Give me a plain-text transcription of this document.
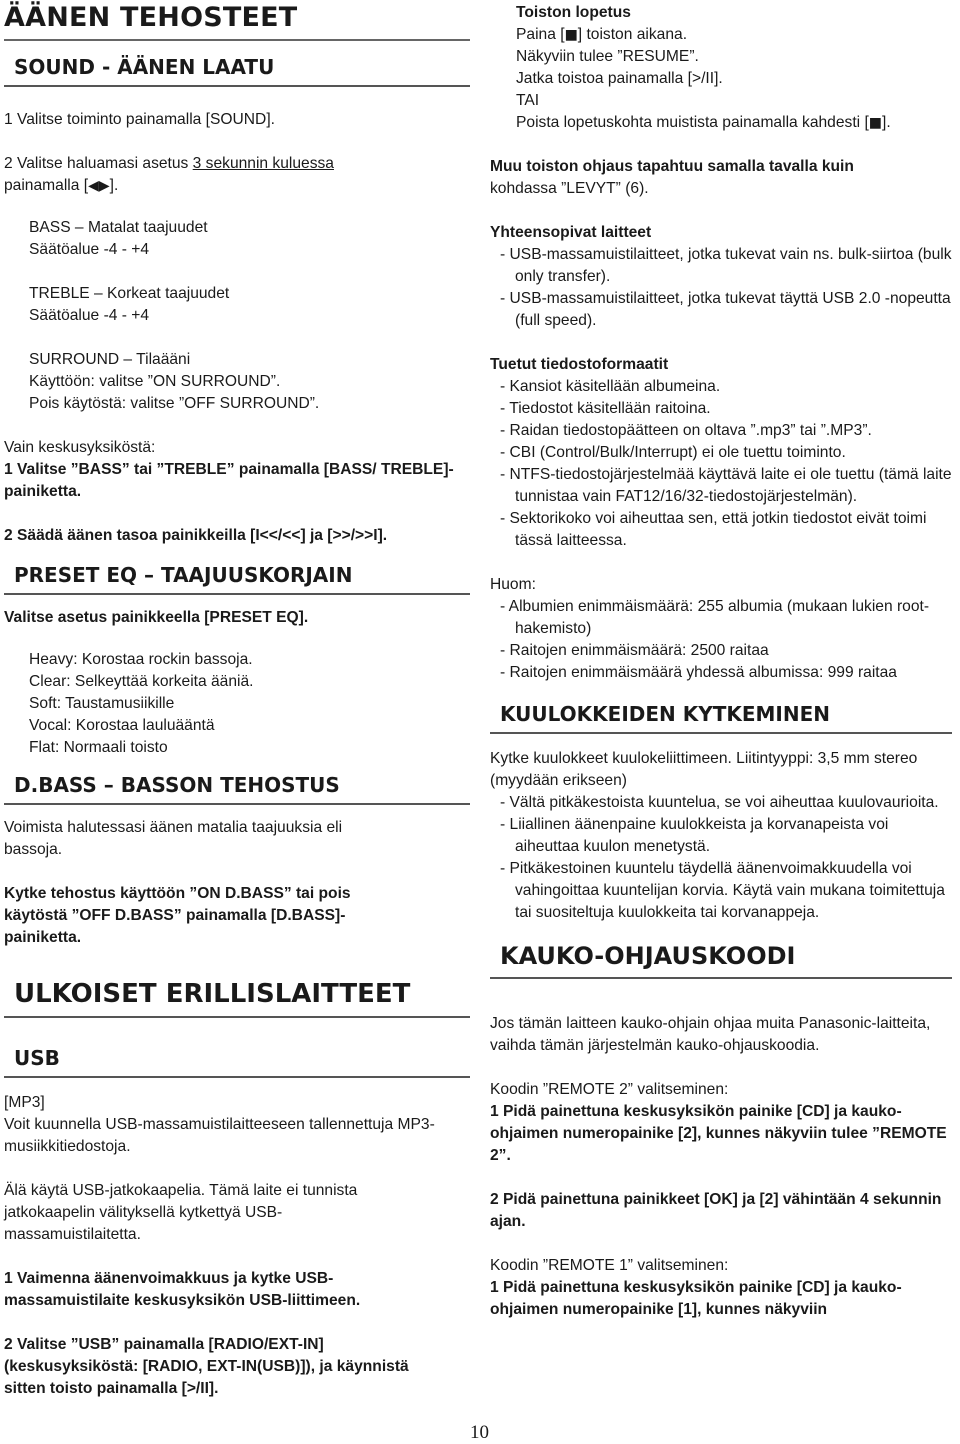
ÄÄNEN TEHOSTEET
SOUND - ÄÄNEN LAATU

1 Valitse toiminto painamalla [SOUND].

2 Valitse haluamasi asetus 3 sekunnin kuluessa
painamalla [◀▶].

BASS – Matalat taajuudet

Säätöalue -4 - +4

TREBLE – Korkeat taajuudet

Säätöalue -4 - +4

SURROUND – Tilaääni

Käyttöön: valitse ”ON SURROUND”.

Pois käytöstä: valitse ”OFF SURROUND”.

Vain keskusyksiköstä:

1 Valitse ”BASS” tai ”TREBLE” painamalla [BASS/ TREBLE]-painiketta.

2 Säädä äänen tasoa painikkeilla [I<</<<] ja [>>/>>I].

PRESET EQ – TAAJUUSKORJAIN

Valitse asetus painikkeella [PRESET EQ].

Heavy: Korostaa rockin bassoja.

Clear: Selkeyttää korkeita ääniä.

Soft: Taustamusiikille

Vocal: Korostaa lauluääntä

Flat: Normaali toisto

D.BASS – BASSON TEHOSTUS

Voimista halutessasi äänen matalia taajuuksia eli bassoja.

Kytke tehostus käyttöön ”ON D.BASS” tai pois käytöstä ”OFF D.BASS” painamalla [D.BASS]-painiketta.

ULKOISET ERILLISLAITTEET
USB

[MP3]

Voit kuunnella USB-massamuistilaitteeseen tallennettuja MP3-musiikkitiedostoja.

Älä käytä USB-jatkokaapelia. Tämä laite ei tunnista jatkokaapelin välityksellä kytkettyä USB-massamuistilaitetta.

1 Vaimenna äänenvoimakkuus ja kytke USB-massamuistilaite keskusyksikön USB-liittimeen.

2 Valitse ”USB” painamalla [RADIO/EXT-IN] (keskusyksiköstä: [RADIO, EXT-IN(USB)]), ja käynnistä sitten toisto painamalla [>/II].

Toiston lopetus

Paina [■] toiston aikana.

Näkyviin tulee ”RESUME”.

Jatka toistoa painamalla [>/II].

TAI

Poista lopetuskohta muistista painamalla kahdesti [■].

Muu toiston ohjaus tapahtuu samalla tavalla kuin

kohdassa ”LEVYT” (6).

Yhteensopivat laitteet

- USB-massamuistilaitteet, jotka tukevat vain ns. bulk-siirtoa (bulk only transfer).

- USB-massamuistilaitteet, jotka tukevat täyttä USB 2.0 -nopeutta (full speed).

Tuetut tiedostoformaatit

- Kansiot käsitellään albumeina.

- Tiedostot käsitellään raitoina.

- Raidan tiedostopäätteen on oltava ”.mp3” tai ”.MP3”.

- CBI (Control/Bulk/Interrupt) ei ole tuettu toiminto.

- NTFS-tiedostojärjestelmää käyttävä laite ei ole tuettu (tämä laite tunnistaa vain FAT12/16/32-tiedostojärjestelmän).

- Sektorikoko voi aiheuttaa sen, että jotkin tiedostot eivät toimi tässä laitteessa.

Huom:

- Albumien enimmäismäärä: 255 albumia (mukaan lukien root-hakemisto)

- Raitojen enimmäismäärä: 2500 raitaa

- Raitojen enimmäismäärä yhdessä albumissa: 999 raitaa

KUULOKKEIDEN KYTKEMINEN

Kytke kuulokkeet kuulokeliittimeen. Liitintyyppi: 3,5 mm stereo (myydään erikseen)

- Vältä pitkäkestoista kuuntelua, se voi aiheuttaa kuulovaurioita.

- Liiallinen äänenpaine kuulokkeista ja korvanapeista voi aiheuttaa kuulon menetystä.

- Pitkäkestoinen kuuntelu täydellä äänenvoimakkuudella voi vahingoittaa kuuntelijan korvia. Käytä vain mukana toimitettuja tai suositeltuja kuulokkeita tai korvanappeja.

KAUKO-OHJAUSKOODI

Jos tämän laitteen kauko-ohjain ohjaa muita Panasonic-laitteita, vaihda tämän järjestelmän kauko-ohjauskoodia.

Koodin ”REMOTE 2” valitseminen:

1 Pidä painettuna keskusyksikön painike [CD] ja kauko-ohjaimen numeropainike [2], kunnes näkyviin tulee ”REMOTE 2”.

2 Pidä painettuna painikkeet [OK] ja [2] vähintään 4 sekunnin ajan.

Koodin ”REMOTE 1” valitseminen:

1 Pidä painettuna keskusyksikön painike [CD] ja kauko-ohjaimen numeropainike [1], kunnes näkyviin

10
